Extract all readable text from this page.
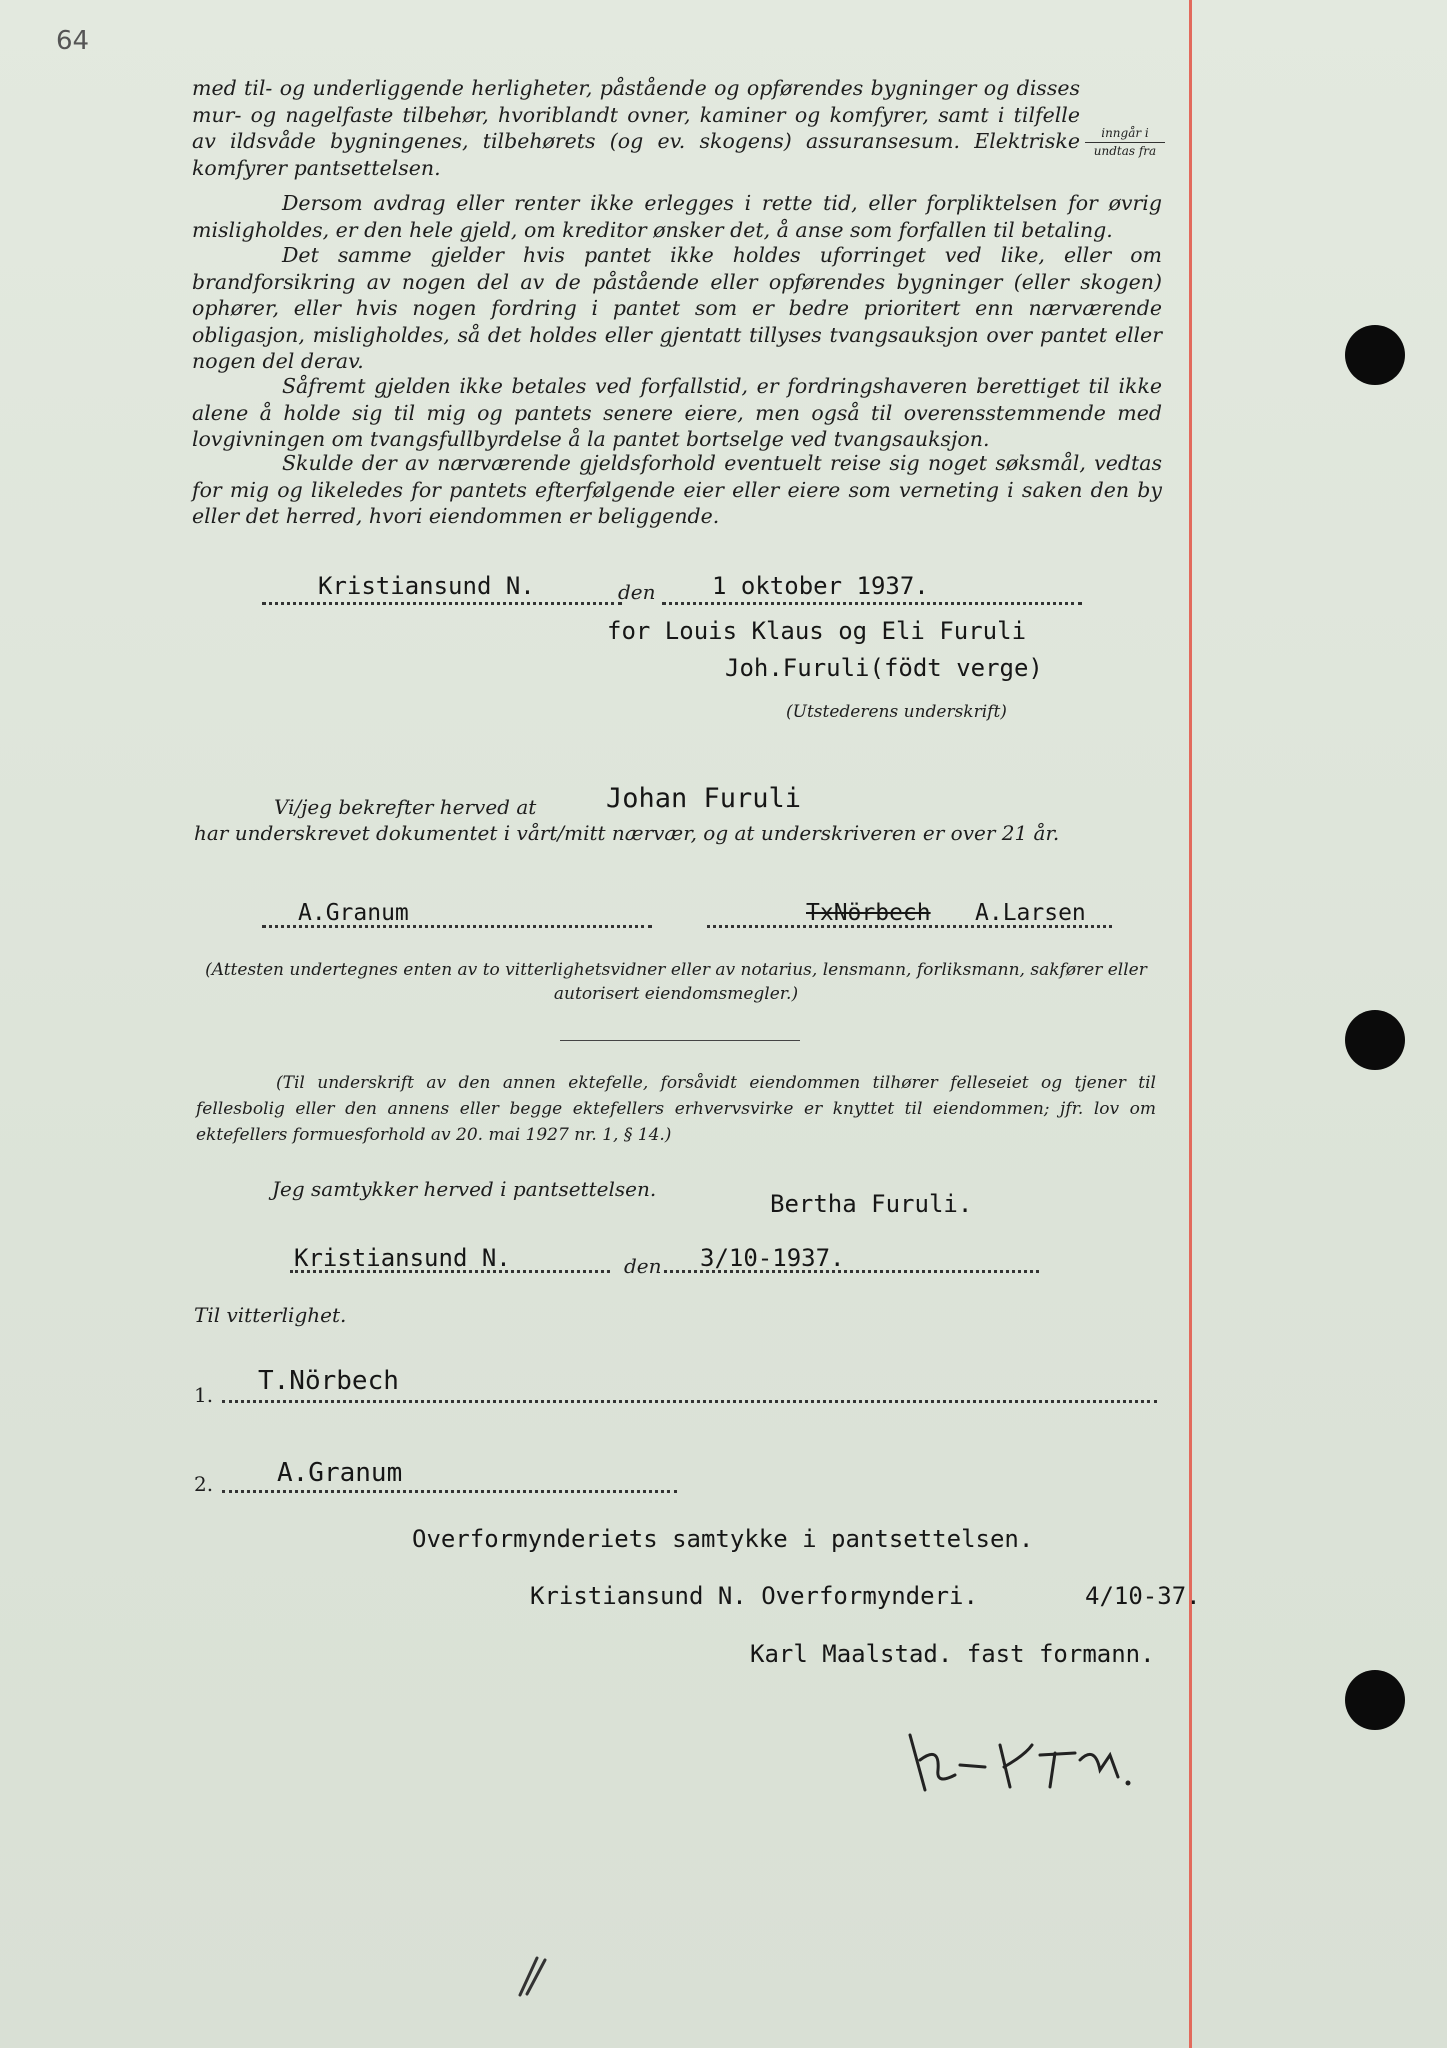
64

med til- og underliggende herligheter, påstående og opførendes bygninger og disses mur- og nagelfaste tilbehør, hvoriblandt ovner, kaminer og komfyrer, samt i tilfelle av ildsvåde bygningenes, tilbehørets (og ev. skogens) assuransesum. Elektriske komfyrer pantsettelsen.

inngår i
undtas fra

Dersom avdrag eller renter ikke erlegges i rette tid, eller forpliktelsen for øvrig misligholdes, er den hele gjeld, om kreditor ønsker det, å anse som forfallen til betaling.

Det samme gjelder hvis pantet ikke holdes uforringet ved like, eller om brandforsikring av nogen del av de påstående eller opførendes bygninger (eller skogen) ophører, eller hvis nogen fordring i pantet som er bedre prioritert enn nærværende obligasjon, misligholdes, så det holdes eller gjentatt tillyses tvangsauksjon over pantet eller nogen del derav.

Såfremt gjelden ikke betales ved forfallstid, er fordringshaveren berettiget til ikke alene å holde sig til mig og pantets senere eiere, men også til overensstemmende med lovgivningen om tvangsfullbyrdelse å la pantet bortselge ved tvangsauksjon.

Skulde der av nærværende gjeldsforhold eventuelt reise sig noget søksmål, vedtas for mig og likeledes for pantets efterfølgende eier eller eiere som verneting i saken den by eller det herred, hvori eiendommen er beliggende.

Kristiansund N.	den 1 oktober 1937.
for Louis Klaus og Eli Furuli
Joh.Furuli(födt verge)
(Utstederens underskrift)
Vi/jeg bekrefter herved at	Johan Furuli
har underskrevet dokumentet i vårt/mitt nærvær, og at underskriveren er over 21 år.
A.Granum	TxNörbech A.Larsen

(Attesten undertegnes enten av to vitterlighetsvidner eller av notarius, lensmann, forliksmann, sakfører eller autorisert eiendomsmegler.)

(Til underskrift av den annen ektefelle, forsåvidt eiendommen tilhører felleseiet og tjener til fellesbolig eller den annens eller begge ektefellers erhvervsvirke er knyttet til eiendommen; jfr. lov om ektefellers formuesforhold av 20. mai 1927 nr. 1, § 14.)

Jeg samtykker herved i pantsettelsen.
Bertha Furuli.
Kristiansund N.	den 3/10-1937.
Til vitterlighet.
1. T.Nörbech
2. A.Granum
Overformynderiets samtykke i pantsettelsen.
Kristiansund N. Overformynderi.	4/10-37.
Karl Maalstad. fast formann.
